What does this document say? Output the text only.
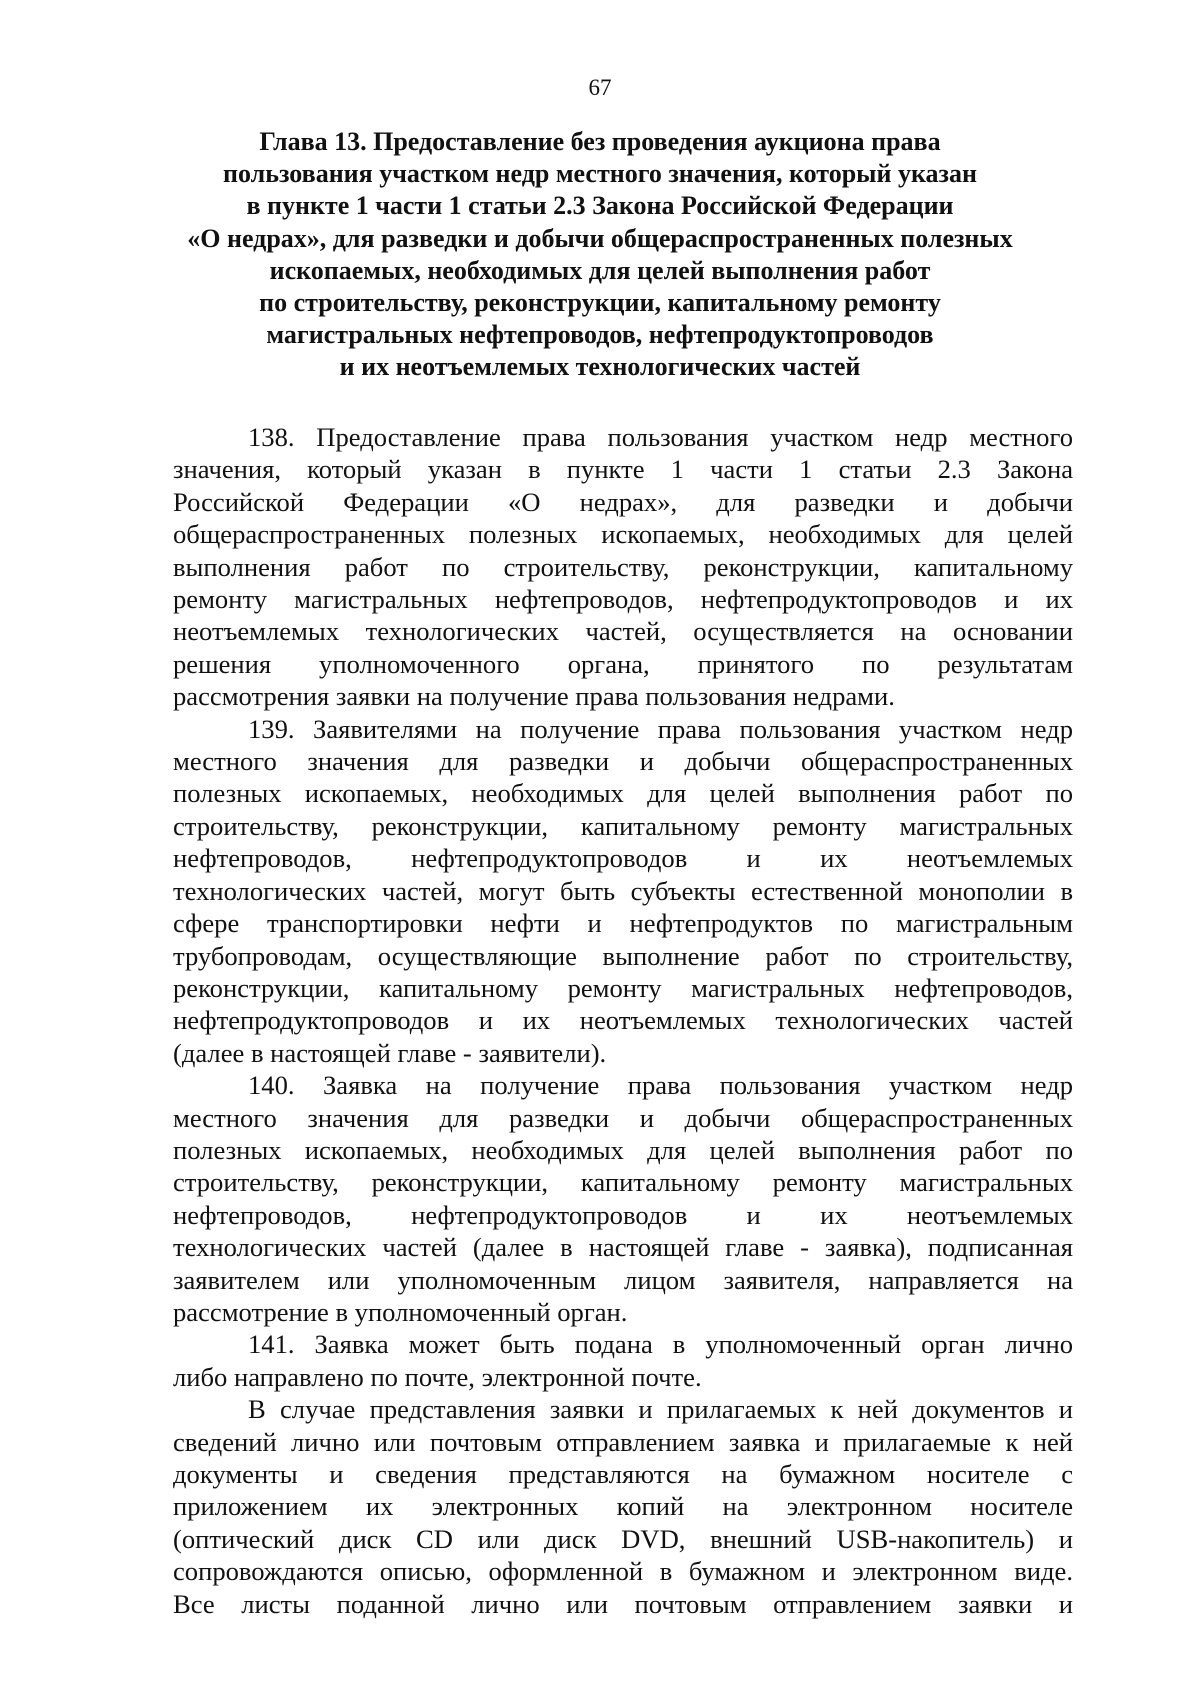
67
Глава 13. Предоставление без проведения аукциона права
пользования участком недр местного значения, который указан
в пункте 1 части 1 статьи 2.3 Закона Российской Федерации
«О недрах», для разведки и добычи общераспространенных полезных
ископаемых, необходимых для целей выполнения работ
по строительству, реконструкции, капитальному ремонту
магистральных нефтепроводов, нефтепродуктопроводов
и их неотъемлемых технологических частей
138. Предоставление права пользования участком недр местного
значения, который указан в пункте 1 части 1 статьи 2.3 Закона
Российской Федерации «О недрах», для разведки и добычи
общераспространенных полезных ископаемых, необходимых для целей
выполнения работ по строительству, реконструкции, капитальному
ремонту магистральных нефтепроводов, нефтепродуктопроводов и их
неотъемлемых технологических частей, осуществляется на основании
решения уполномоченного органа, принятого по результатам
рассмотрения заявки на получение права пользования недрами.
139. Заявителями на получение права пользования участком недр
местного значения для разведки и добычи общераспространенных
полезных ископаемых, необходимых для целей выполнения работ по
строительству, реконструкции, капитальному ремонту магистральных
нефтепроводов, нефтепродуктопроводов и их неотъемлемых
технологических частей, могут быть субъекты естественной монополии в
сфере транспортировки нефти и нефтепродуктов по магистральным
трубопроводам, осуществляющие выполнение работ по строительству,
реконструкции, капитальному ремонту магистральных нефтепроводов,
нефтепродуктопроводов и их неотъемлемых технологических частей
(далее в настоящей главе - заявители).
140. Заявка на получение права пользования участком недр
местного значения для разведки и добычи общераспространенных
полезных ископаемых, необходимых для целей выполнения работ по
строительству, реконструкции, капитальному ремонту магистральных
нефтепроводов, нефтепродуктопроводов и их неотъемлемых
технологических частей (далее в настоящей главе - заявка), подписанная
заявителем или уполномоченным лицом заявителя, направляется на
рассмотрение в уполномоченный орган.
141. Заявка может быть подана в уполномоченный орган лично
либо направлено по почте, электронной почте.
В случае представления заявки и прилагаемых к ней документов и
сведений лично или почтовым отправлением заявка и прилагаемые к ней
документы и сведения представляются на бумажном носителе с
приложением их электронных копий на электронном носителе
(оптический диск CD или диск DVD, внешний USB-накопитель) и
сопровождаются описью, оформленной в бумажном и электронном виде.
Все листы поданной лично или почтовым отправлением заявки и
